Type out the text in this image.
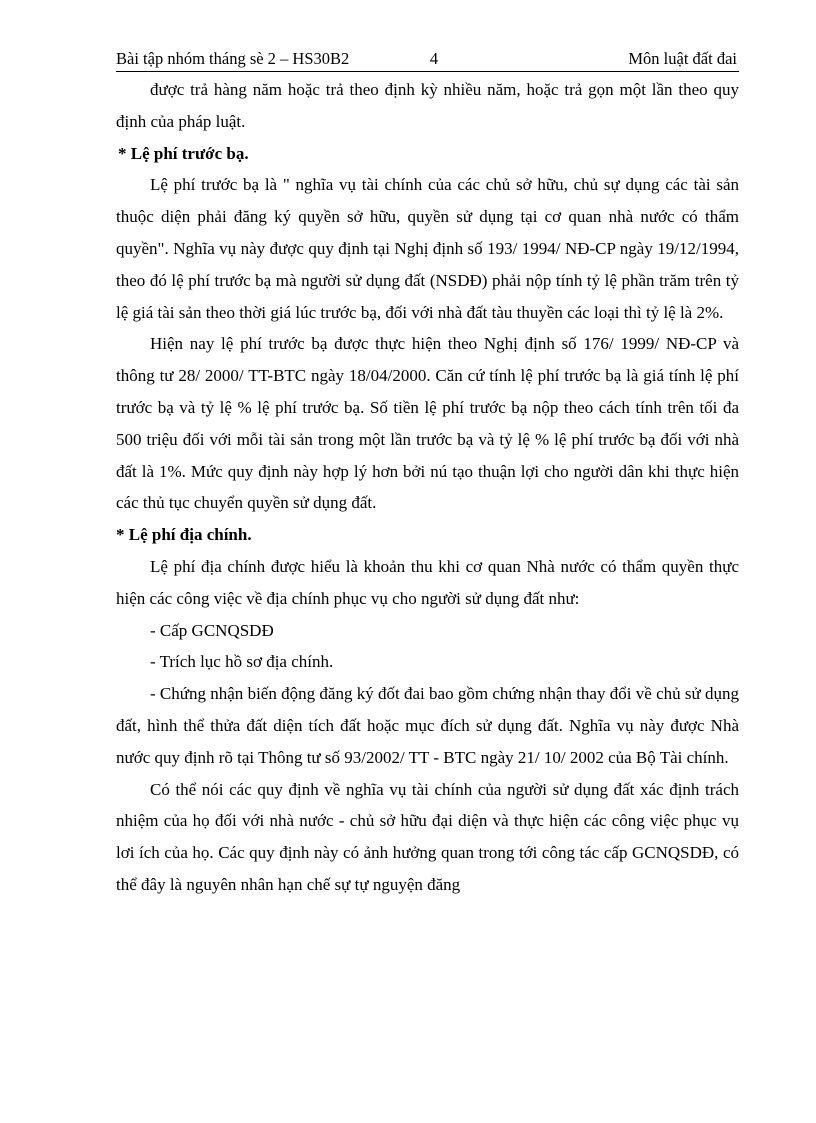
Bài tập nhóm tháng sè 2 – HS30B2	4	Môn luật đất đai

được trả hàng năm hoặc trả theo định kỳ nhiều năm, hoặc trả gọn một lần theo quy định của pháp luật.

* Lệ phí trước bạ.

Lệ phí trước bạ là " nghĩa vụ tài chính của các chủ sở hữu, chủ sự dụng các tài sản thuộc diện phải đăng ký quyền sở hữu, quyền sử dụng tại cơ quan nhà nước có thẩm quyền". Nghĩa vụ này được quy định tại Nghị định số 193/ 1994/ NĐ-CP ngày 19/12/1994, theo đó lệ phí trước bạ mà người sử dụng đất (NSDĐ) phải nộp tính tỷ lệ phần trăm trên tỷ lệ giá tài sản theo thời giá lúc trước bạ, đối với nhà đất tàu thuyền các loại thì tỷ lệ là 2%.

Hiện nay lệ phí trước bạ được thực hiện theo Nghị định số 176/ 1999/ NĐ-CP và thông tư 28/ 2000/ TT-BTC ngày 18/04/2000. Căn cứ tính lệ phí trước bạ là giá tính lệ phí trước bạ và tỷ lệ % lệ phí trước bạ. Số tiền lệ phí trước bạ nộp theo cách tính trên tối đa 500 triệu đối với mỗi tài sản trong một lần trước bạ và tỷ lệ % lệ phí trước bạ đối với nhà đất là 1%. Mức quy định này hợp lý hơn bởi nú tạo thuận lợi cho người dân khi thực hiện các thủ tục chuyển quyền sử dụng đất.

* Lệ phí địa chính.

Lệ phí địa chính được hiểu là khoản thu khi cơ quan Nhà nước có thẩm quyền thực hiện các công việc về địa chính phục vụ cho người sử dụng đất như:

- Cấp GCNQSDĐ

- Trích lục hồ sơ địa chính.

- Chứng nhận biến động đăng ký đốt đai bao gồm chứng nhận thay đổi về chủ sử dụng đất, hình thể thửa đất diện tích đất hoặc mục đích sử dụng đất. Nghĩa vụ này được Nhà nước quy định rõ tại Thông tư số 93/2002/ TT - BTC ngày 21/ 10/ 2002 của Bộ Tài chính.

Có thể nói các quy định về nghĩa vụ tài chính của người sử dụng đất xác định trách nhiệm của họ đối với nhà nước - chủ sở hữu đại diện và thực hiện các công việc phục vụ lơi ích của họ. Các quy định này có ảnh hưởng quan trong tới công tác cấp GCNQSDĐ, có thể đây là nguyên nhân hạn chế sự tự nguyện đăng
